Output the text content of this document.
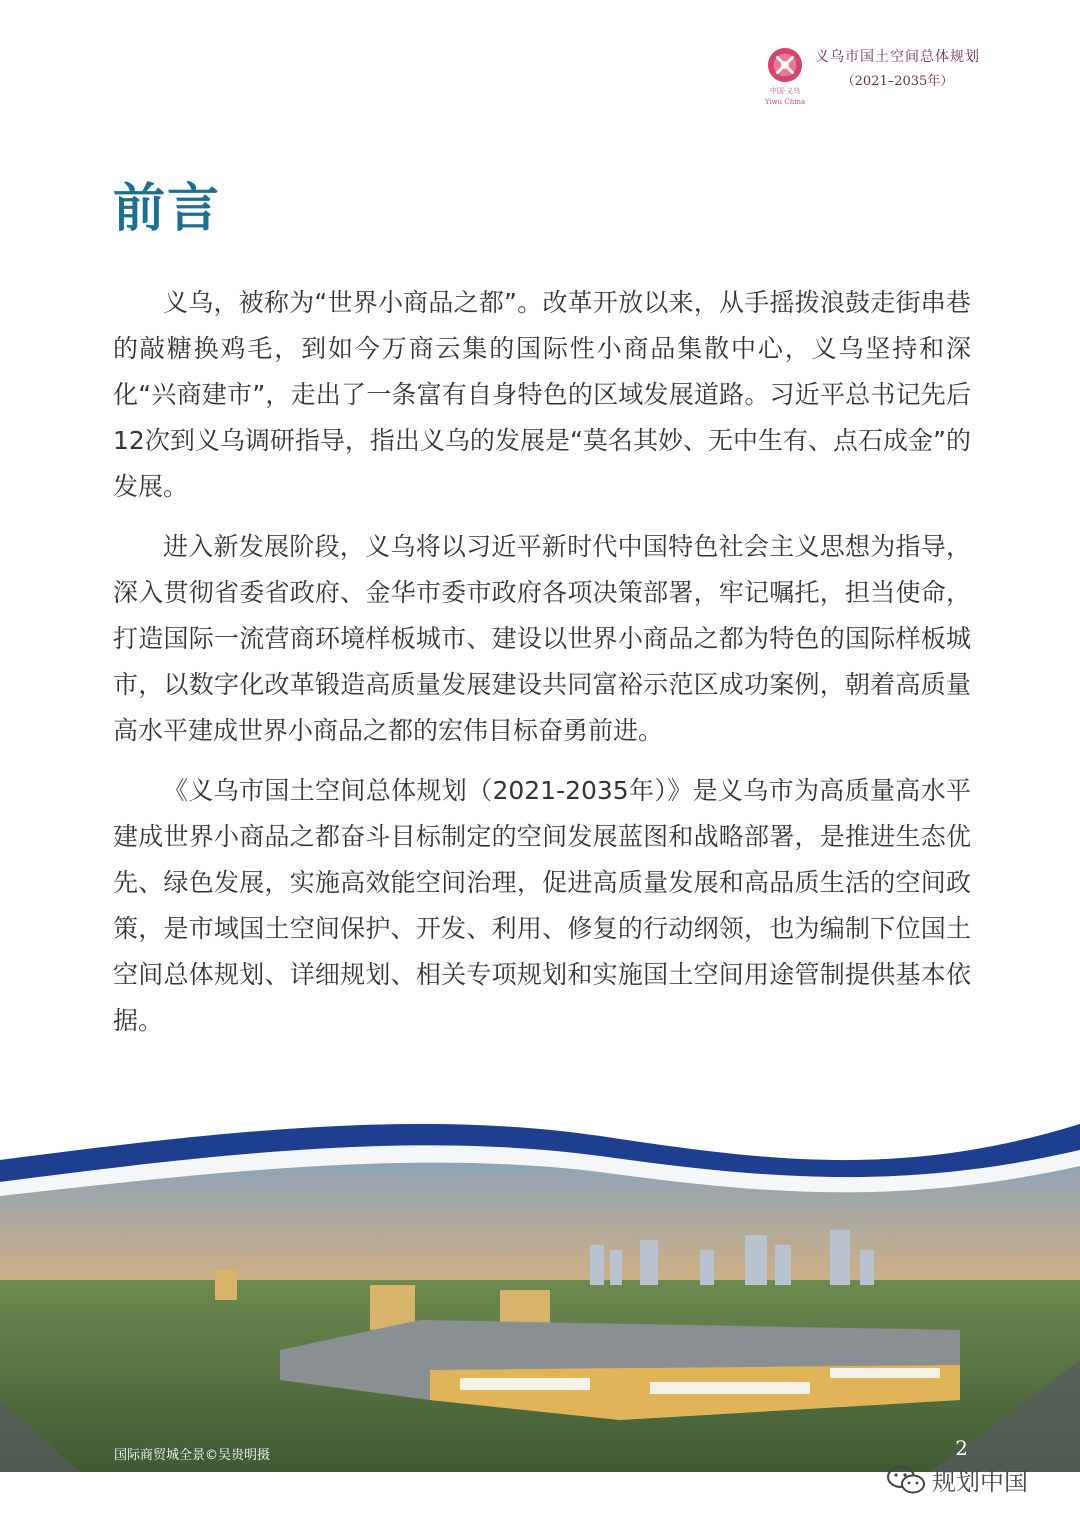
中国·义乌
Yiwu China
义乌市国土空间总体规划
（2021–2035年）
前言

义乌，被称为“世界小商品之都”。改革开放以来，从手摇拨浪鼓走街串巷的敲糖换鸡毛，到如今万商云集的国际性小商品集散中心，义乌坚持和深化“兴商建市”，走出了一条富有自身特色的区域发展道路。习近平总书记先后12次到义乌调研指导，指出义乌的发展是“莫名其妙、无中生有、点石成金”的发展。

进入新发展阶段，义乌将以习近平新时代中国特色社会主义思想为指导，深入贯彻省委省政府、金华市委市政府各项决策部署，牢记嘱托，担当使命，打造国际一流营商环境样板城市、建设以世界小商品之都为特色的国际样板城市，以数字化改革锻造高质量发展建设共同富裕示范区成功案例，朝着高质量高水平建成世界小商品之都的宏伟目标奋勇前进。

《义乌市国土空间总体规划（2021-2035年）》是义乌市为高质量高水平建成世界小商品之都奋斗目标制定的空间发展蓝图和战略部署，是推进生态优先、绿色发展，实施高效能空间治理，促进高质量发展和高品质生活的空间政策，是市域国土空间保护、开发、利用、修复的行动纲领，也为编制下位国土空间总体规划、详细规划、相关专项规划和实施国土空间用途管制提供基本依据。

国际商贸城全景©吴贵明摄	2
规划中国
